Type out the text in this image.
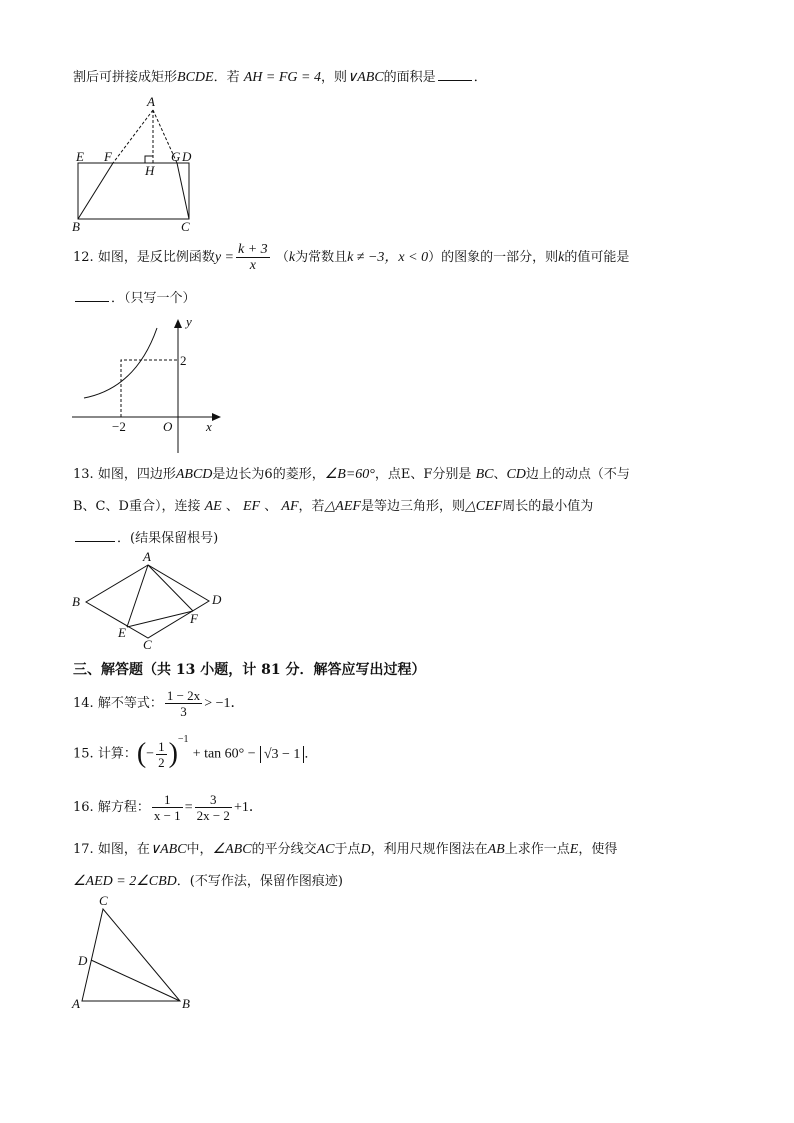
割后可拼接成矩形BCDE．若 AH = FG = 4，则∨ABC的面积是	．
A
E F
H
G D
B	C
12. 如图，是反比例函数$y = \frac{k + 3}{x} (k$为常数且k ≠ −3，x < 0）的图象的一部分，则k的值可能是
．（只写一个）
y
x
O
2
−2
13. 如图，四边形ABCD是边长为6的菱形，∠B=60°，点E、F分别是 BC、CD边上的动点（不与
B、C、D重合），连接 AE 、 EF 、 AF，若△AEF是等边三角形，则△CEF周长的最小值为
．(结果保留根号)
A
B	D
E
F
C
三、解答题（共 13 小题，计 81 分．解答应写出过程）
14. 解不等式： $\frac{1 - 2x}{3} > -1$．
15. 计算：(− $\frac{1}{2} )^{-1} + \tan 60^\circ - √3 - 1$ ．
16. 解方程： $\frac{1}{x - 1} = \frac{3}{2x - 2} +1$．
17. 如图，在∨ABC中，∠ABC的平分线交AC于点D，利用尺规作图法在AB上求作一点E，使得
∠AED = 2∠CBD．(不写作法，保留作图痕迹)
C
D
A	B
